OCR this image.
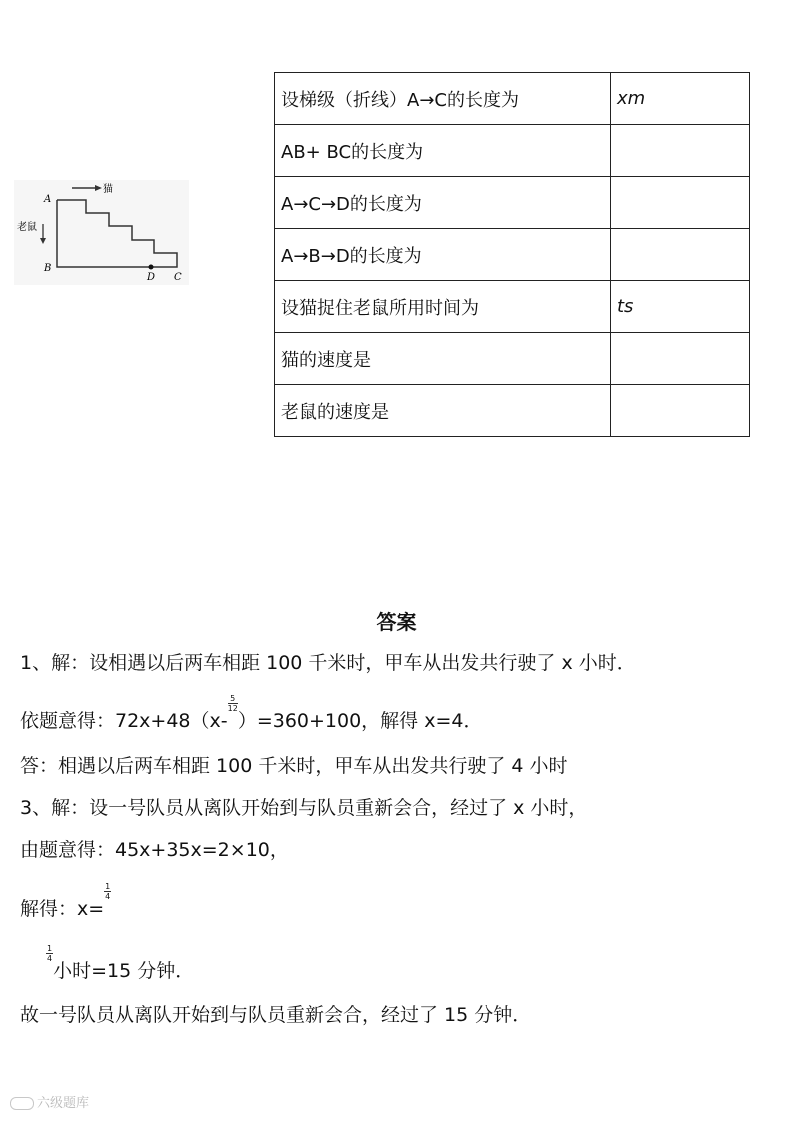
A
B
C
D
猫
老鼠
设梯级（折线）A→C的长度为	xm
AB+ BC的长度为	
A→C→D的长度为	
A→B→D的长度为	
设猫捉住老鼠所用时间为	ts
猫的速度是	
老鼠的速度是	
答案
1、解：设相遇以后两车相距 100 千米时，甲车从出发共行驶了 x 小时．
依题意得：72x+48（x-
$\frac{5}{12}$
）=360+100，解得 x=4．
答：相遇以后两车相距 100 千米时，甲车从出发共行驶了 4 小时
3、解：设一号队员从离队开始到与队员重新会合，经过了 x 小时，
由题意得：45x+35x=2×10，
解得：x=
$\frac{1}{4}$
$\frac{1}{4}$
小时=15 分钟．
故一号队员从离队开始到与队员重新会合，经过了 15 分钟．
六级题库
